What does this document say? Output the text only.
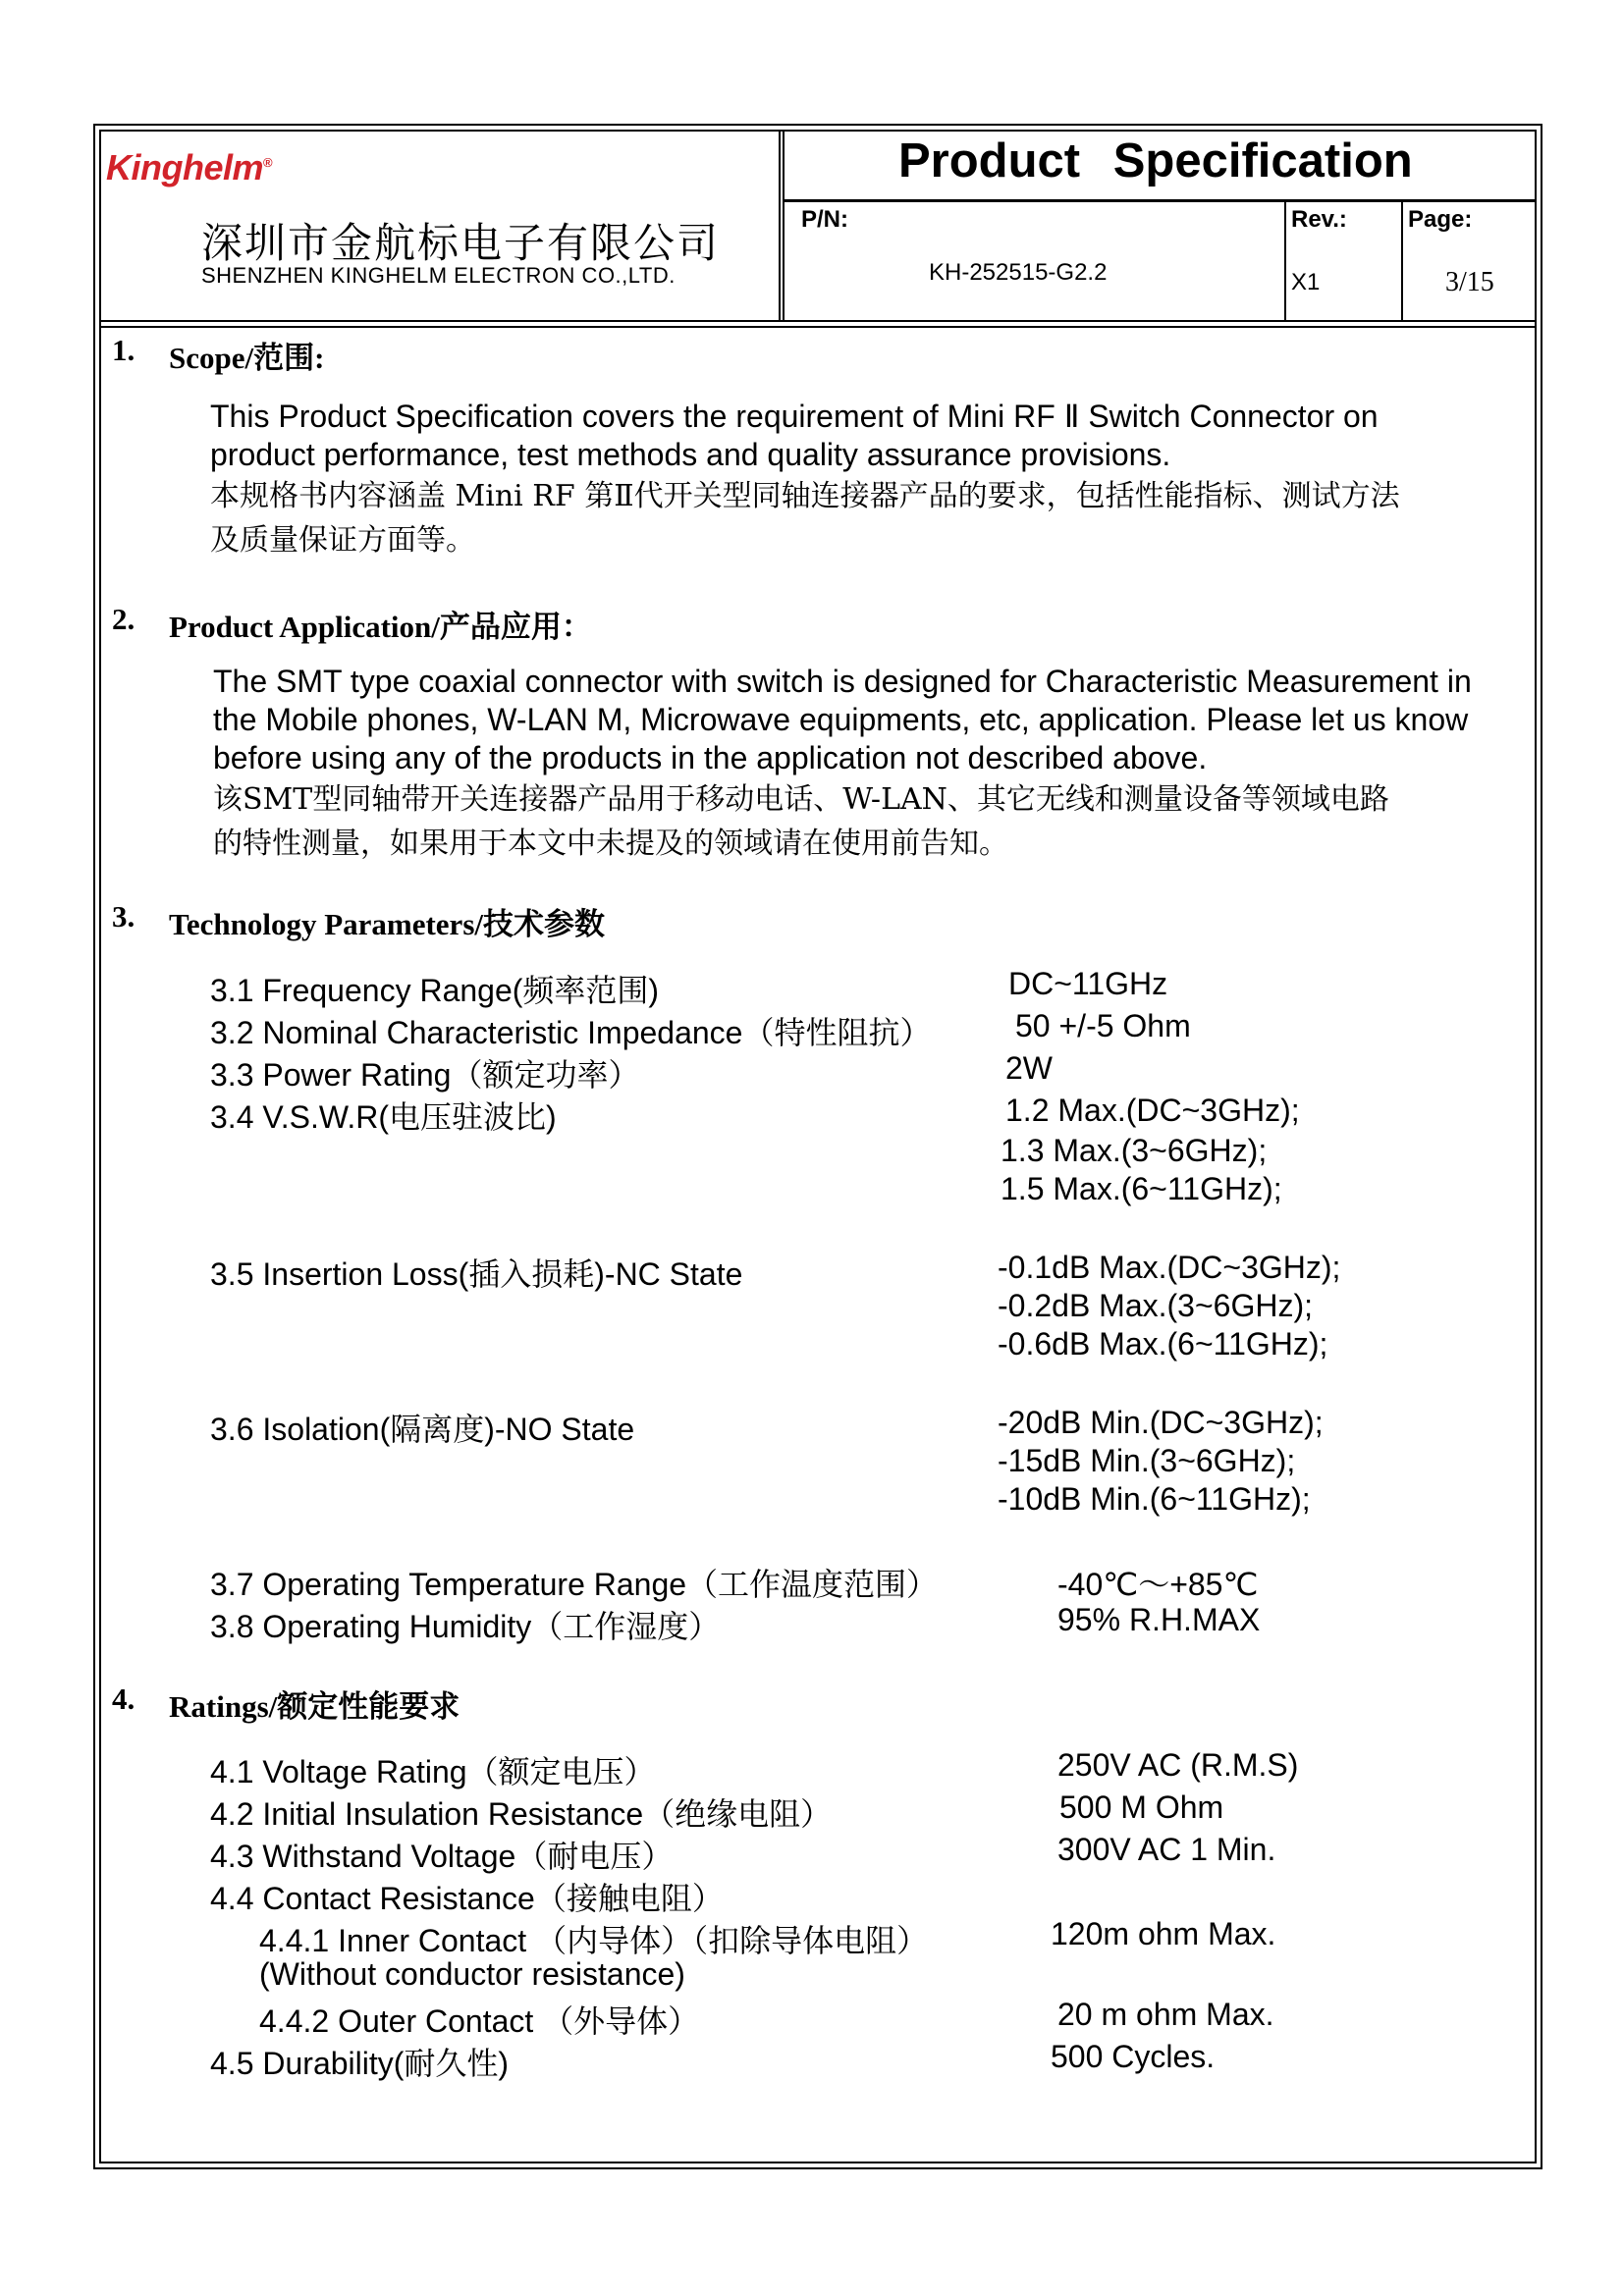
Kinghelm®
深圳市金航标电子有限公司
SHENZHEN KINGHELM ELECTRON CO.,LTD.
Product Specification
P/N:	Rev.:	Page:
KH-252515-G2.2	X1	3/15
1. Scope/范围:
This Product Specification covers the requirement of Mini RF Ⅱ Switch Connector on
product performance, test methods and quality assurance provisions.
本规格书内容涵盖 Mini RF 第Ⅱ代开关型同轴连接器产品的要求，包括性能指标、测试方法
及质量保证方面等。
2. Product Application/产品应用：
The SMT type coaxial connector with switch is designed for Characteristic Measurement in
the Mobile phones, W-LAN M, Microwave equipments, etc, application. Please let us know
before using any of the products in the application not described above.
该SMT型同轴带开关连接器产品用于移动电话、W-LAN、其它无线和测量设备等领域电路
的特性测量，如果用于本文中未提及的领域请在使用前告知。
3. Technology Parameters/技术参数
3.1 Frequency Range(频率范围)	DC~11GHz
3.2 Nominal Characteristic Impedance（特性阻抗）	50 +/-5 Ohm
3.3 Power Rating（额定功率）	2W
3.4 V.S.W.R(电压驻波比)	1.2 Max.(DC~3GHz);
1.3 Max.(3~6GHz);
1.5 Max.(6~11GHz);
3.5 Insertion Loss(插入损耗)-NC State	-0.1dB Max.(DC~3GHz);
-0.2dB Max.(3~6GHz);
-0.6dB Max.(6~11GHz);
3.6 Isolation(隔离度)-NO State	-20dB Min.(DC~3GHz);
-15dB Min.(3~6GHz);
-10dB Min.(6~11GHz);
3.7 Operating Temperature Range（工作温度范围）	-40℃～+85℃
3.8 Operating Humidity（工作湿度）	95% R.H.MAX
4. Ratings/额定性能要求
4.1 Voltage Rating（额定电压）	250V AC (R.M.S)
4.2 Initial Insulation Resistance（绝缘电阻）	500 M Ohm
4.3 Withstand Voltage（耐电压）	300V AC 1 Min.
4.4 Contact Resistance（接触电阻）
4.4.1 Inner Contact （内导体）（扣除导体电阻）	120m ohm Max.
(Without conductor resistance)
4.4.2 Outer Contact （外导体）	20 m ohm Max.
4.5 Durability(耐久性)	500 Cycles.
